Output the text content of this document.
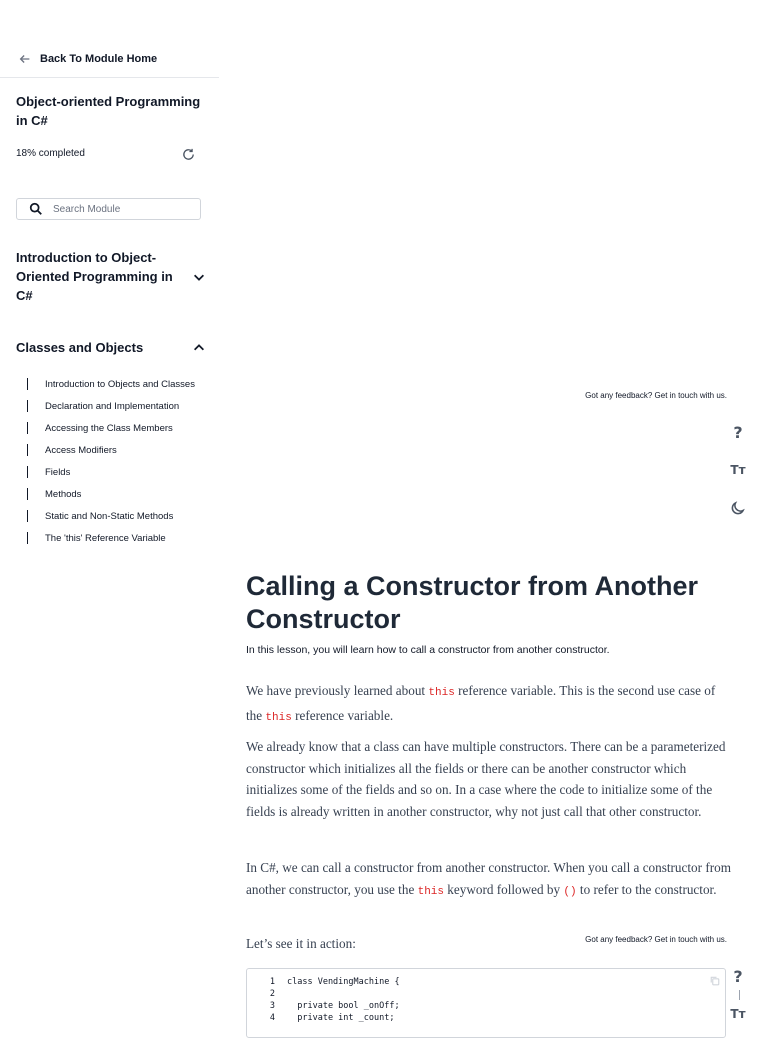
Back To Module Home
Object-oriented Programming in C#
18% completed
Search Module
Introduction to Object-Oriented Programming in C#
Classes and Objects
Introduction to Objects and Classes
Declaration and Implementation
Accessing the Class Members
Access Modifiers
Fields
Methods
Static and Non-Static Methods
The 'this' Reference Variable
Got any feedback? Get in touch with us.
?
Tт
Calling a Constructor from Another Constructor
In this lesson, you will learn how to call a constructor from another constructor.

We have previously learned about this reference variable. This is the second use case of the this reference variable.

We already know that a class can have multiple constructors. There can be a parameterized constructor which initializes all the fields or there can be another constructor which initializes some of the fields and so on. In a case where the code to initialize some of the fields is already written in another constructor, why not just call that other constructor.

In C#, we can call a constructor from another constructor. When you call a constructor from another constructor, you use the this keyword followed by () to refer to the constructor.

Let’s see it in action:	Got any feedback? Get in touch with us.
?
Tт
1 class VendingMachine {
2
3  private bool _onOff;
4  private int _count;
